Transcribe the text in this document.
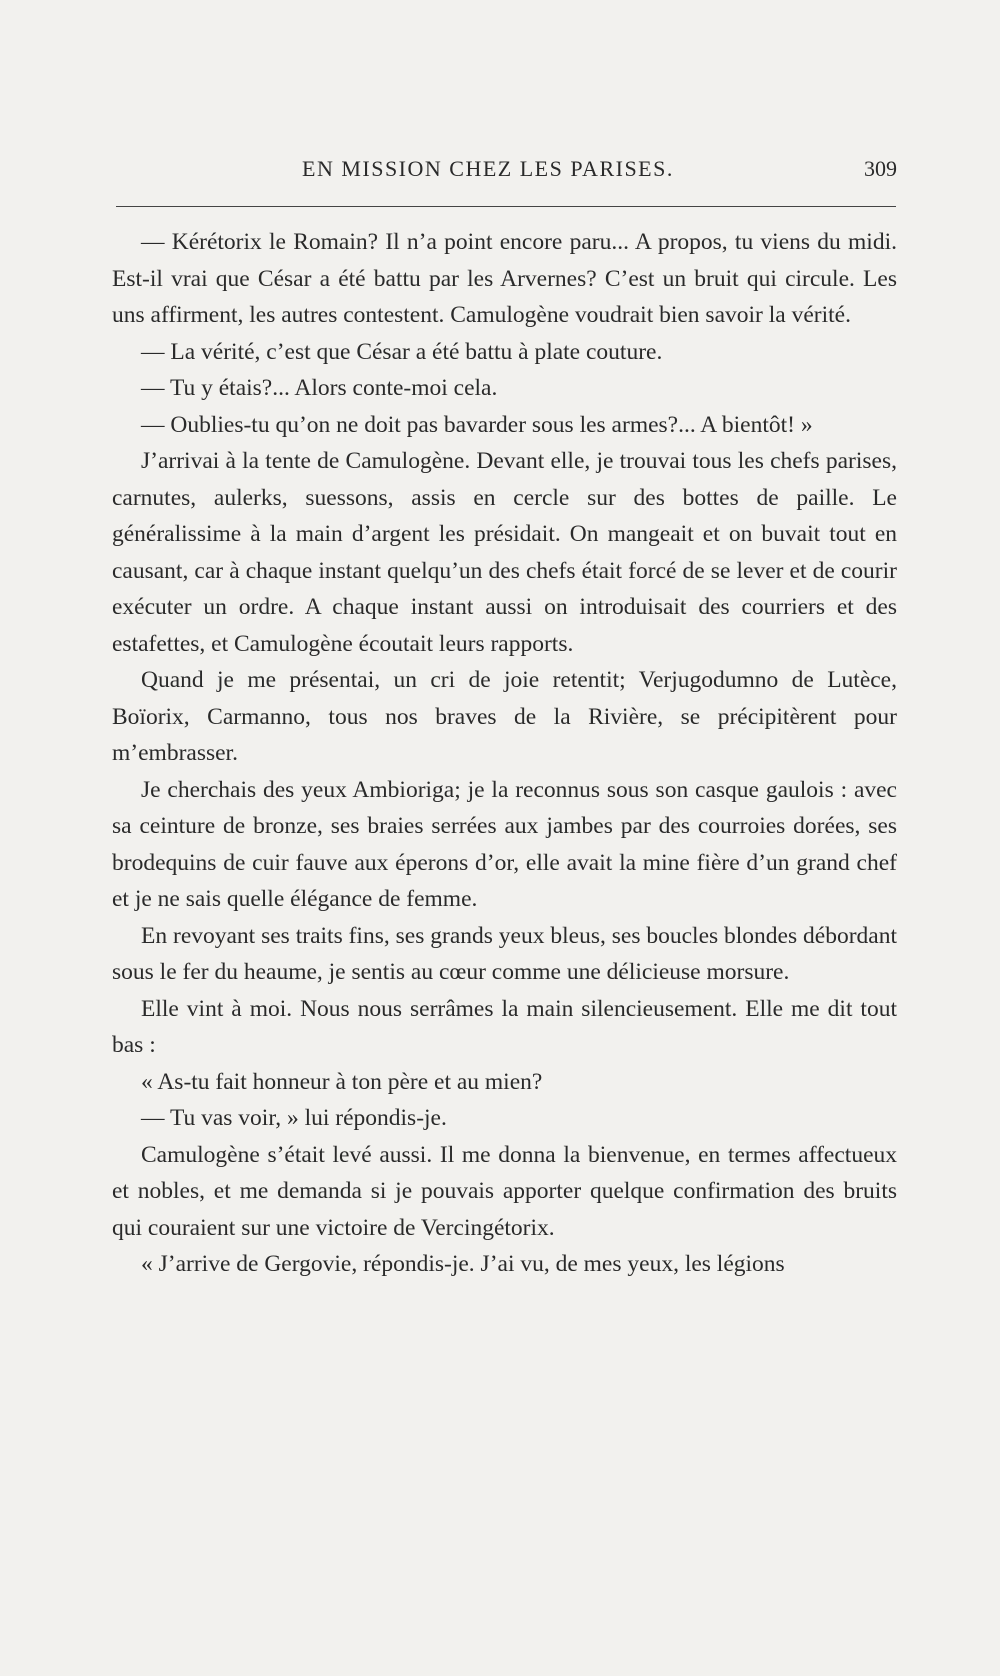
EN MISSION CHEZ LES PARISES.	309

— Kérétorix le Romain? Il n’a point encore paru... A propos, tu viens du midi. Est-il vrai que César a été battu par les Arvernes? C’est un bruit qui circule. Les uns affirment, les autres contestent. Camulogène voudrait bien savoir la vérité.

— La vérité, c’est que César a été battu à plate couture.

— Tu y étais?... Alors conte-moi cela.

— Oublies-tu qu’on ne doit pas bavarder sous les armes?... A bientôt! »

J’arrivai à la tente de Camulogène. Devant elle, je trouvai tous les chefs parises, carnutes, aulerks, suessons, assis en cercle sur des bottes de paille. Le généralissime à la main d’argent les présidait. On mangeait et on buvait tout en causant, car à chaque instant quelqu’un des chefs était forcé de se lever et de courir exécuter un ordre. A chaque instant aussi on introduisait des courriers et des estafettes, et Camulogène écoutait leurs rapports.

Quand je me présentai, un cri de joie retentit; Verjugodumno de Lutèce, Boïorix, Carmanno, tous nos braves de la Rivière, se précipitèrent pour m’embrasser.

Je cherchais des yeux Ambioriga; je la reconnus sous son casque gaulois : avec sa ceinture de bronze, ses braies serrées aux jambes par des courroies dorées, ses brodequins de cuir fauve aux éperons d’or, elle avait la mine fière d’un grand chef et je ne sais quelle élégance de femme.

En revoyant ses traits fins, ses grands yeux bleus, ses boucles blondes débordant sous le fer du heaume, je sentis au cœur comme une délicieuse morsure.

Elle vint à moi. Nous nous serrâmes la main silencieusement. Elle me dit tout bas :

« As-tu fait honneur à ton père et au mien?

— Tu vas voir, » lui répondis-je.

Camulogène s’était levé aussi. Il me donna la bienvenue, en termes affectueux et nobles, et me demanda si je pouvais apporter quelque confirmation des bruits qui couraient sur une victoire de Vercingétorix.

« J’arrive de Gergovie, répondis-je. J’ai vu, de mes yeux, les légions
